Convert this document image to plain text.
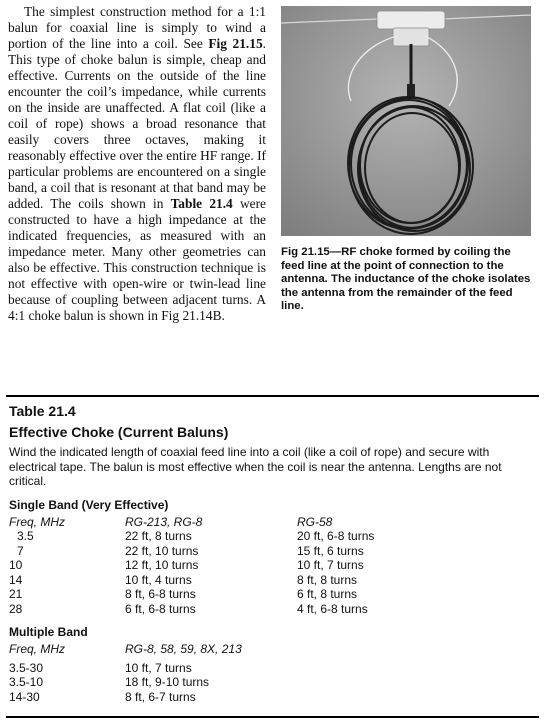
The simplest construction method for a 1:1 balun for coaxial line is simply to wind a portion of the line into a coil. See Fig 21.15. This type of choke balun is simple, cheap and effective. Currents on the outside of the line encounter the coil’s impedance, while currents on the inside are unaffected. A flat coil (like a coil of rope) shows a broad resonance that easily covers three octaves, making it reasonably effective over the entire HF range. If particular problems are encountered on a single band, a coil that is resonant at that band may be added. The coils shown in Table 21.4 were constructed to have a high impedance at the indicated frequencies, as measured with an impedance meter. Many other geometries can also be effective. This construction technique is not effective with open-wire or twin-lead line because of coupling between adjacent turns. A 4:1 choke balun is shown in Fig 21.14B.
Fig 21.15—RF choke formed by coiling the feed line at the point of connection to the antenna. The inductance of the choke isolates the antenna from the remainder of the feed line.
Table 21.4
Effective Choke (Current Baluns)
Wind the indicated length of coaxial feed line into a coil (like a coil of rope) and secure with electrical tape. The balun is most effective when the coil is near the antenna. Lengths are not critical.
Single Band (Very Effective)
Freq, MHz	RG-213, RG-8	RG-58
3.5	22 ft, 8 turns	20 ft, 6-8 turns
7	22 ft, 10 turns	15 ft, 6 turns
10	12 ft, 10 turns	10 ft, 7 turns
14	10 ft, 4 turns	8 ft, 8 turns
21	8 ft, 6-8 turns	6 ft, 8 turns
28	6 ft, 6-8 turns	4 ft, 6-8 turns
Multiple Band
Freq, MHz	RG-8, 58, 59, 8X, 213

3.5-30	10 ft, 7 turns
3.5-10	18 ft, 9-10 turns
14-30	8 ft, 6-7 turns
